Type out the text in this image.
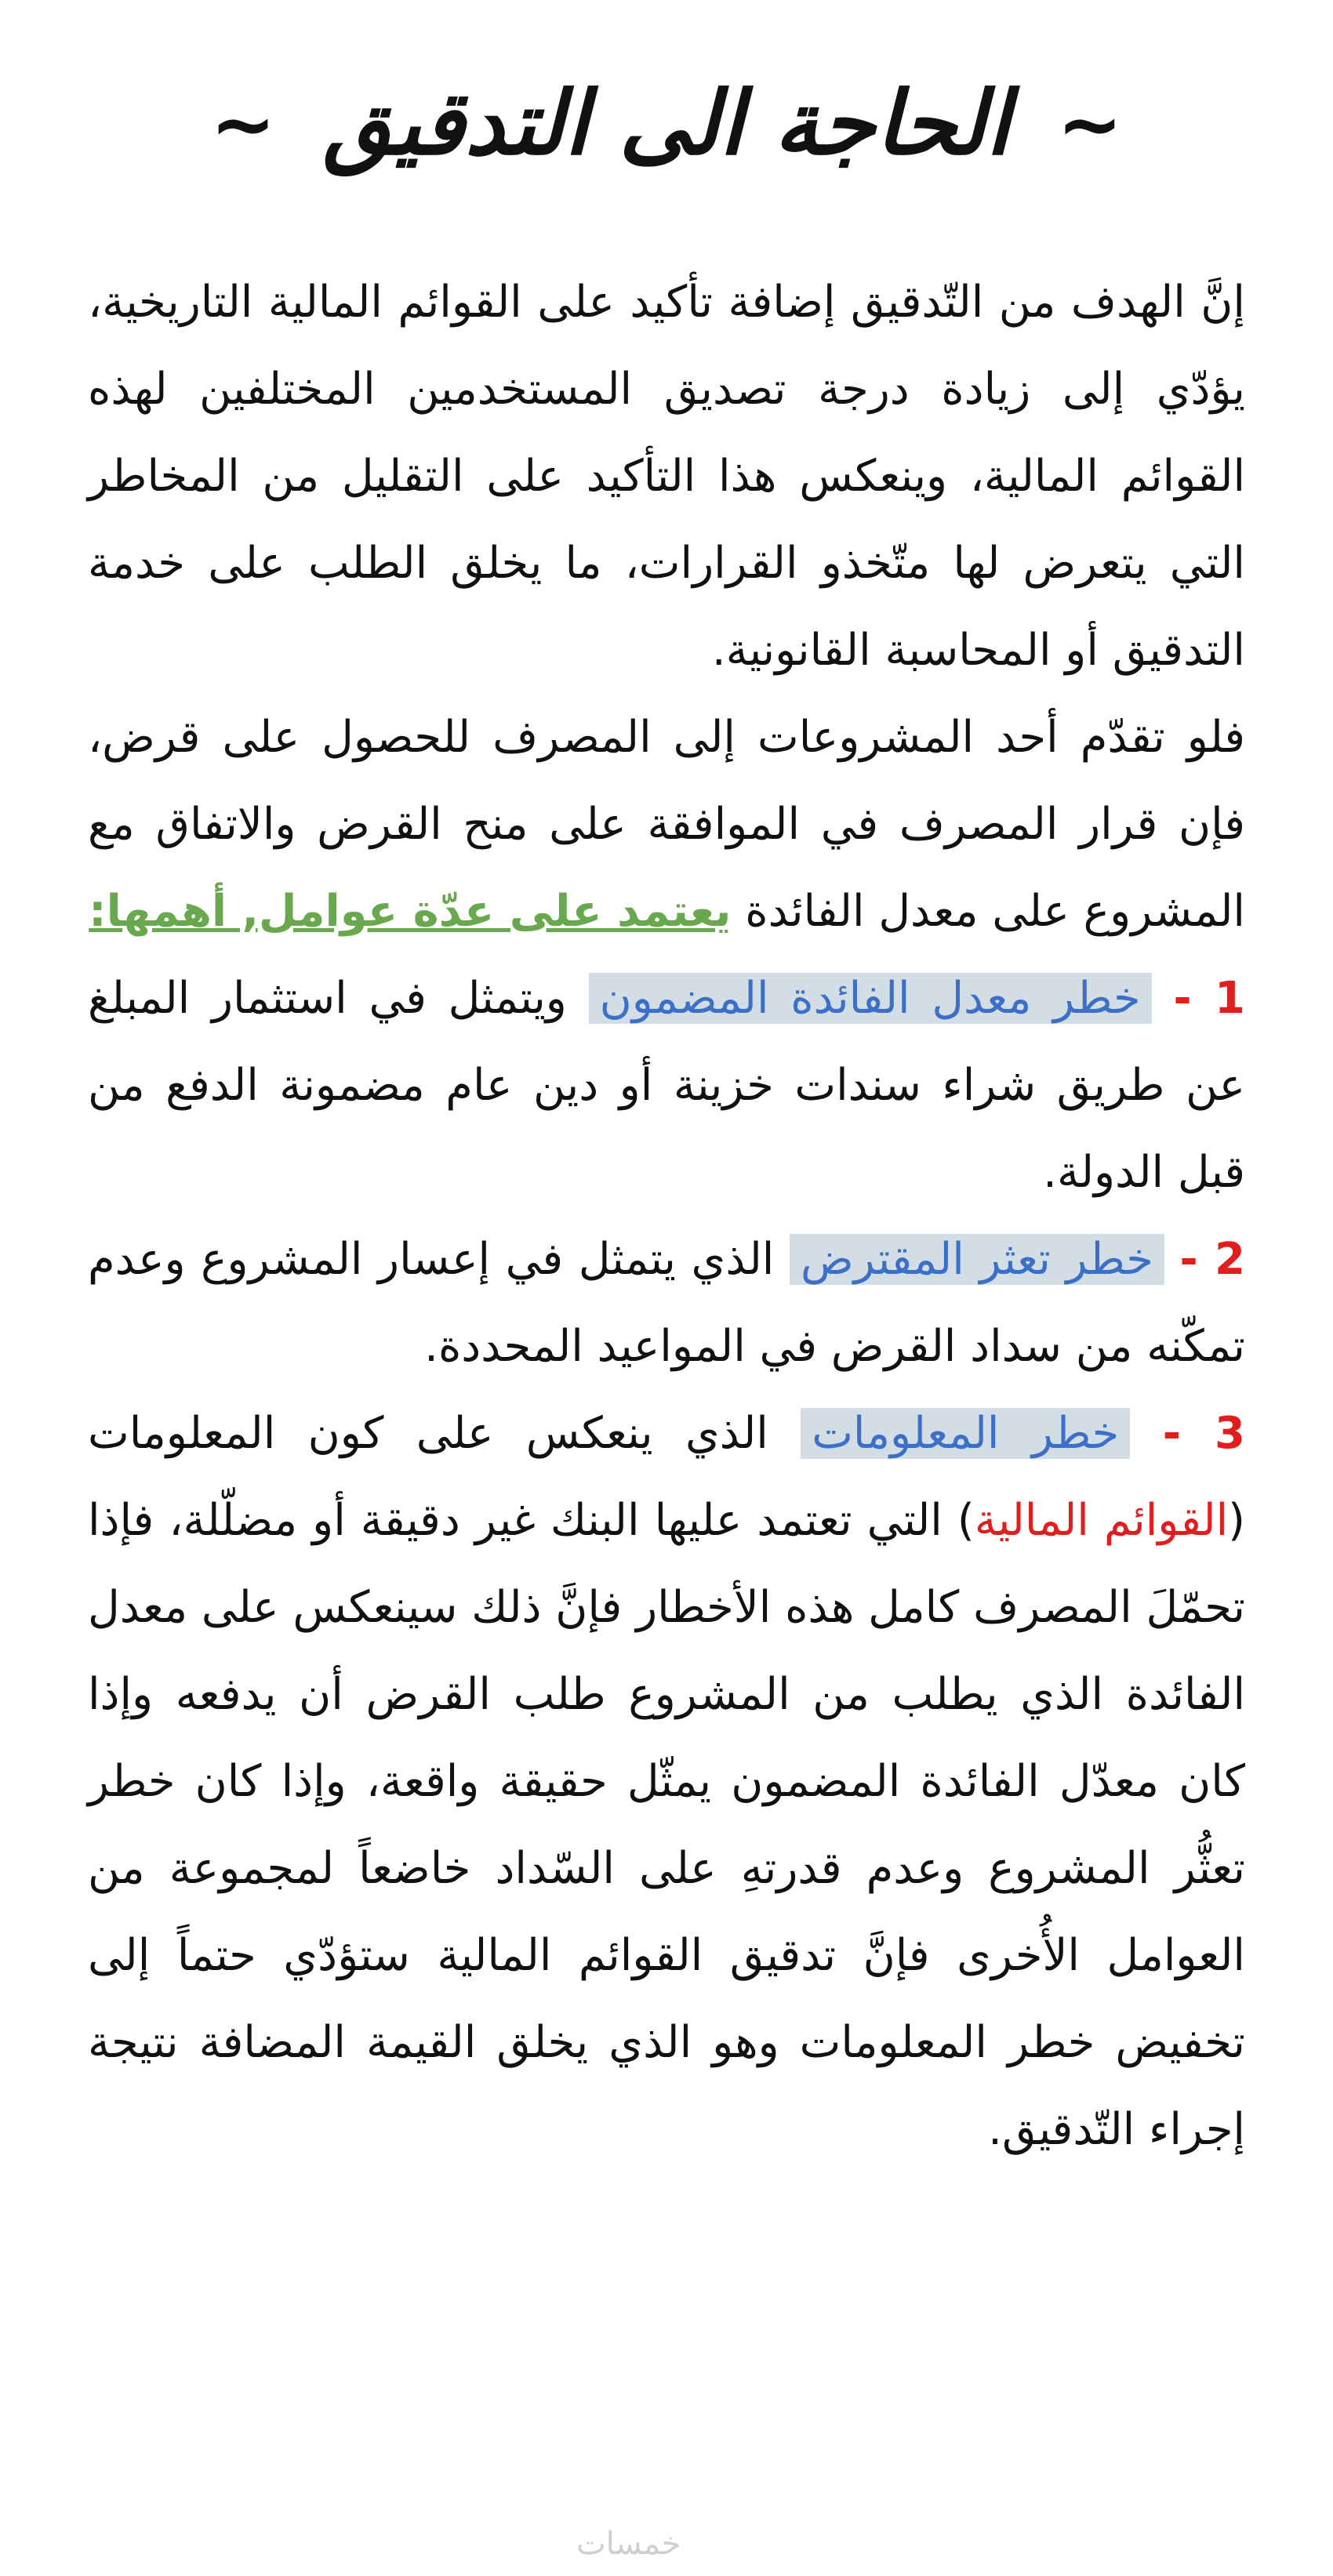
~ الحاجة الى التدقيق ~

إنَّ الهدف من التّدقيق إضافة تأكيد على القوائم المالية التاريخية، يؤدّي إلى زيادة درجة تصديق المستخدمين المختلفين لهذه القوائم المالية، وينعكس هذا التأكيد على التقليل من المخاطر التي يتعرض لها متّخذو القرارات، ما يخلق الطلب على خدمة التدقيق أو المحاسبة القانونية.

فلو تقدّم أحد المشروعات إلى المصرف للحصول على قرض، فإن قرار المصرف في الموافقة على منح القرض والاتفاق مع المشروع على معدل الفائدة يعتمد على عدّة عوامل, أهمها:

1 - خطر معدل الفائدة المضمون ويتمثل في استثمار المبلغ عن طريق شراء سندات خزينة أو دين عام مضمونة الدفع من قبل الدولة.

2 - خطر تعثر المقترض الذي يتمثل في إعسار المشروع وعدم تمكّنه من سداد القرض في المواعيد المحددة.

3 - خطر المعلومات الذي ينعكس على كون المعلومات (القوائم المالية) التي تعتمد عليها البنك غير دقيقة أو مضلّلة، فإذا تحمّلَ المصرف كامل هذه الأخطار فإنَّ ذلك سينعكس على معدل الفائدة الذي يطلب من المشروع طلب القرض أن يدفعه وإذا كان معدّل الفائدة المضمون يمثّل حقيقة واقعة، وإذا كان خطر تعثُّر المشروع وعدم قدرتهِ على السّداد خاضعاً لمجموعة من العوامل الأُخرى فإنَّ تدقيق القوائم المالية ستؤدّي حتماً إلى تخفيض خطر المعلومات وهو الذي يخلق القيمة المضافة نتيجة إجراء التّدقيق.

خمسات
